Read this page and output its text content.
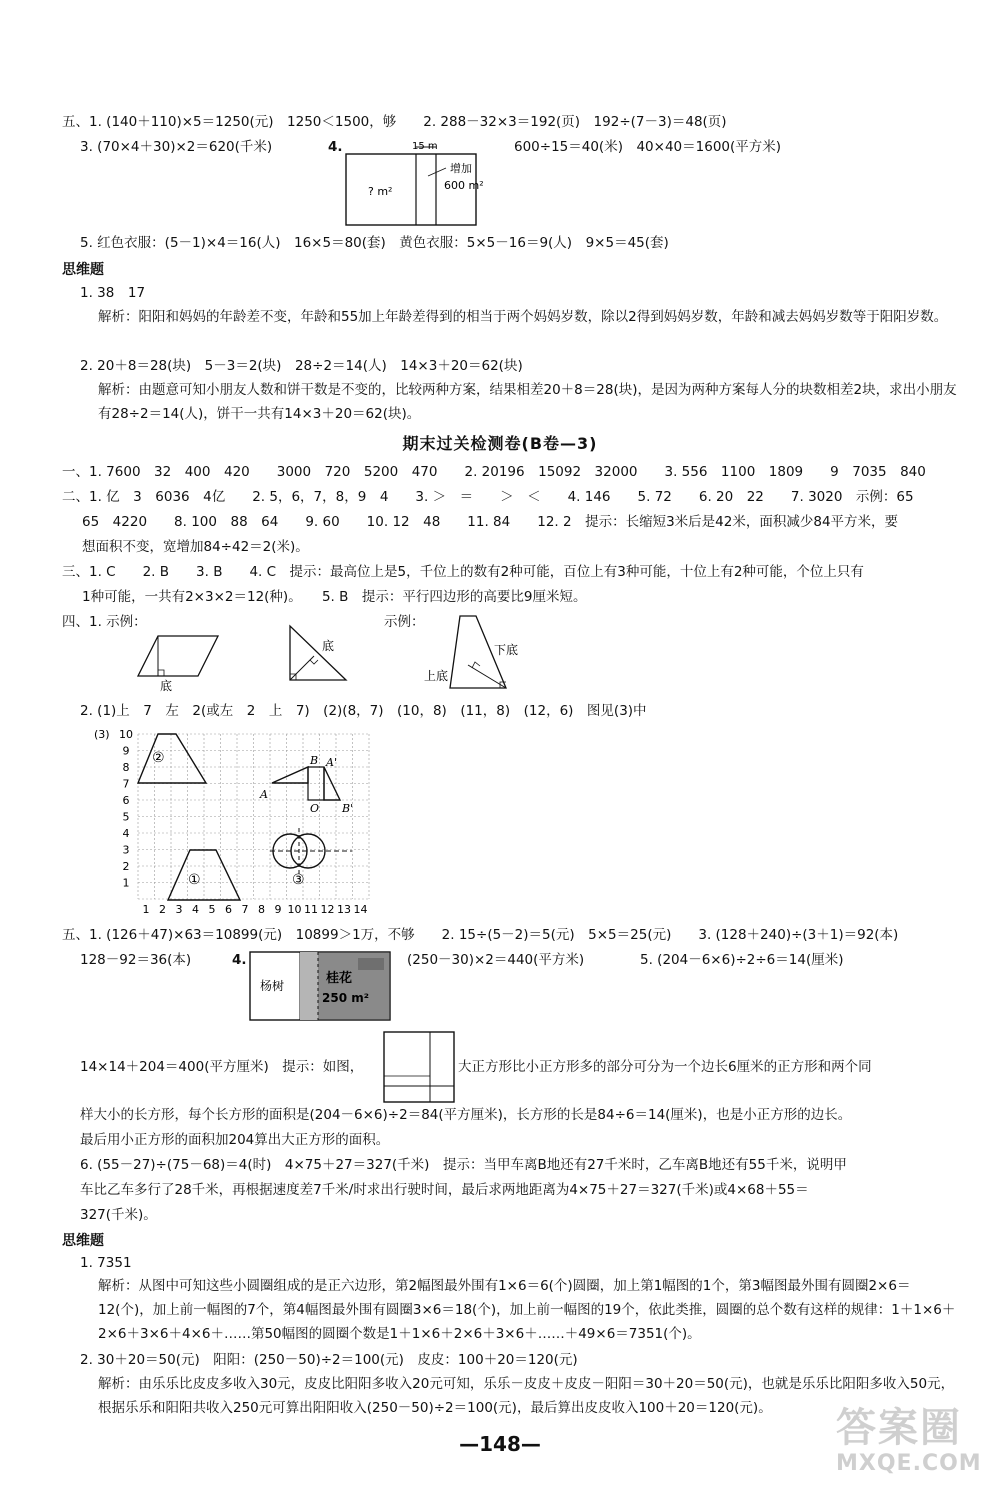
五、1. (140＋110)×5＝1250(元)　1250＜1500，够　　2. 288－32×3＝192(页)　192÷(7－3)＝48(页)
3. (70×4＋30)×2＝620(千米)	4.	600÷15＝40(米)　40×40＝1600(平方米)
15 m
? m²
增加
600 m²
5. 红色衣服：(5－1)×4＝16(人)　16×5＝80(套)　黄色衣服：5×5－16＝9(人)　9×5＝45(套)
思维题
1. 38　17
解析：阳阳和妈妈的年龄差不变，年龄和55加上年龄差得到的相当于两个妈妈岁数，除以2得到妈妈岁数，年龄和减去妈妈岁数等于阳阳岁数。
2. 20＋8＝28(块)　5－3＝2(块)　28÷2＝14(人)　14×3＋20＝62(块)
解析：由题意可知小朋友人数和饼干数是不变的，比较两种方案，结果相差20＋8＝28(块)，是因为两种方案每人分的块数相差2块，求出小朋友有28÷2＝14(人)，饼干一共有14×3＋20＝62(块)。
期末过关检测卷(B卷—3)
一、1. 7600　32　400　420　　3000　720　5200　470　　2. 20196　15092　32000　　3. 556　1100　1809　　9　7035　840
二、1. 亿　3　6036　4亿　　2. 5，6，7，8，9　4　　3. ＞　＝　　＞　＜　　4. 146　　5. 72　　6. 20　22　　7. 3020　示例：65
65　4220　　8. 100　88　64　　9. 60　　10. 12　48　　11. 84　　12. 2　提示：长缩短3米后是42米，面积减少84平方米，要
想面积不变，宽增加84÷42＝2(米)。
三、1. C　　2. B　　3. B　　4. C　提示：最高位上是5，千位上的数有2种可能，百位上有3种可能，十位上有2种可能，个位上只有
1种可能，一共有2×3×2＝12(种)。　　5. B　提示：平行四边形的高要比9厘米短。
四、1. 示例：	示例：
底
底	下底
上底
2. (1)上　7　左　2(或左　2　上　7)　(2)(8，7)　(10，8)　(11，8)　(12，6)　图见(3)中
(3) 10
9
8
7
6
5
4
3
2
1
1 2 3 4 5 6 7 8 9 10 11 12 13 14
②
①
A
B A'
O B'
③
五、1. (126＋47)×63＝10899(元)　10899＞1万，不够　　2. 15÷(5－2)＝5(元)　5×5＝25(元)　　3. (128＋240)÷(3＋1)＝92(本)
128－92＝36(本)	4.
杨树	桂花
250 m²
(250－30)×2＝440(平方米)	5. (204－6×6)÷2÷6＝14(厘米)
14×14＋204＝400(平方厘米)　提示：如图，	大正方形比小正方形多的部分可分为一个边长6厘米的正方形和两个同
样大小的长方形，每个长方形的面积是(204－6×6)÷2＝84(平方厘米)，长方形的长是84÷6＝14(厘米)，也是小正方形的边长。
最后用小正方形的面积加204算出大正方形的面积。
6. (55－27)÷(75－68)＝4(时)　4×75＋27＝327(千米)　提示：当甲车离B地还有27千米时，乙车离B地还有55千米，说明甲
车比乙车多行了28千米，再根据速度差7千米/时求出行驶时间，最后求两地距离为4×75＋27＝327(千米)或4×68＋55＝
327(千米)。
思维题
1. 7351
解析：从图中可知这些小圆圈组成的是正六边形，第2幅图最外围有1×6＝6(个)圆圈，加上第1幅图的1个，第3幅图最外围有圆圈2×6＝12(个)，加上前一幅图的7个，第4幅图最外围有圆圈3×6＝18(个)，加上前一幅图的19个，依此类推，圆圈的总个数有这样的规律：1＋1×6＋2×6＋3×6＋4×6＋……第50幅图的圆圈个数是1＋1×6＋2×6＋3×6＋……＋49×6＝7351(个)。
2. 30＋20＝50(元)　阳阳：(250－50)÷2＝100(元)　皮皮：100＋20＝120(元)
解析：由乐乐比皮皮多收入30元，皮皮比阳阳多收入20元可知，乐乐－皮皮＋皮皮－阳阳＝30＋20＝50(元)，也就是乐乐比阳阳多收入50元，根据乐乐和阳阳共收入250元可算出阳阳收入(250－50)÷2＝100(元)，最后算出皮皮收入100＋20＝120(元)。
—148—	答案圈
MXQE.COM
